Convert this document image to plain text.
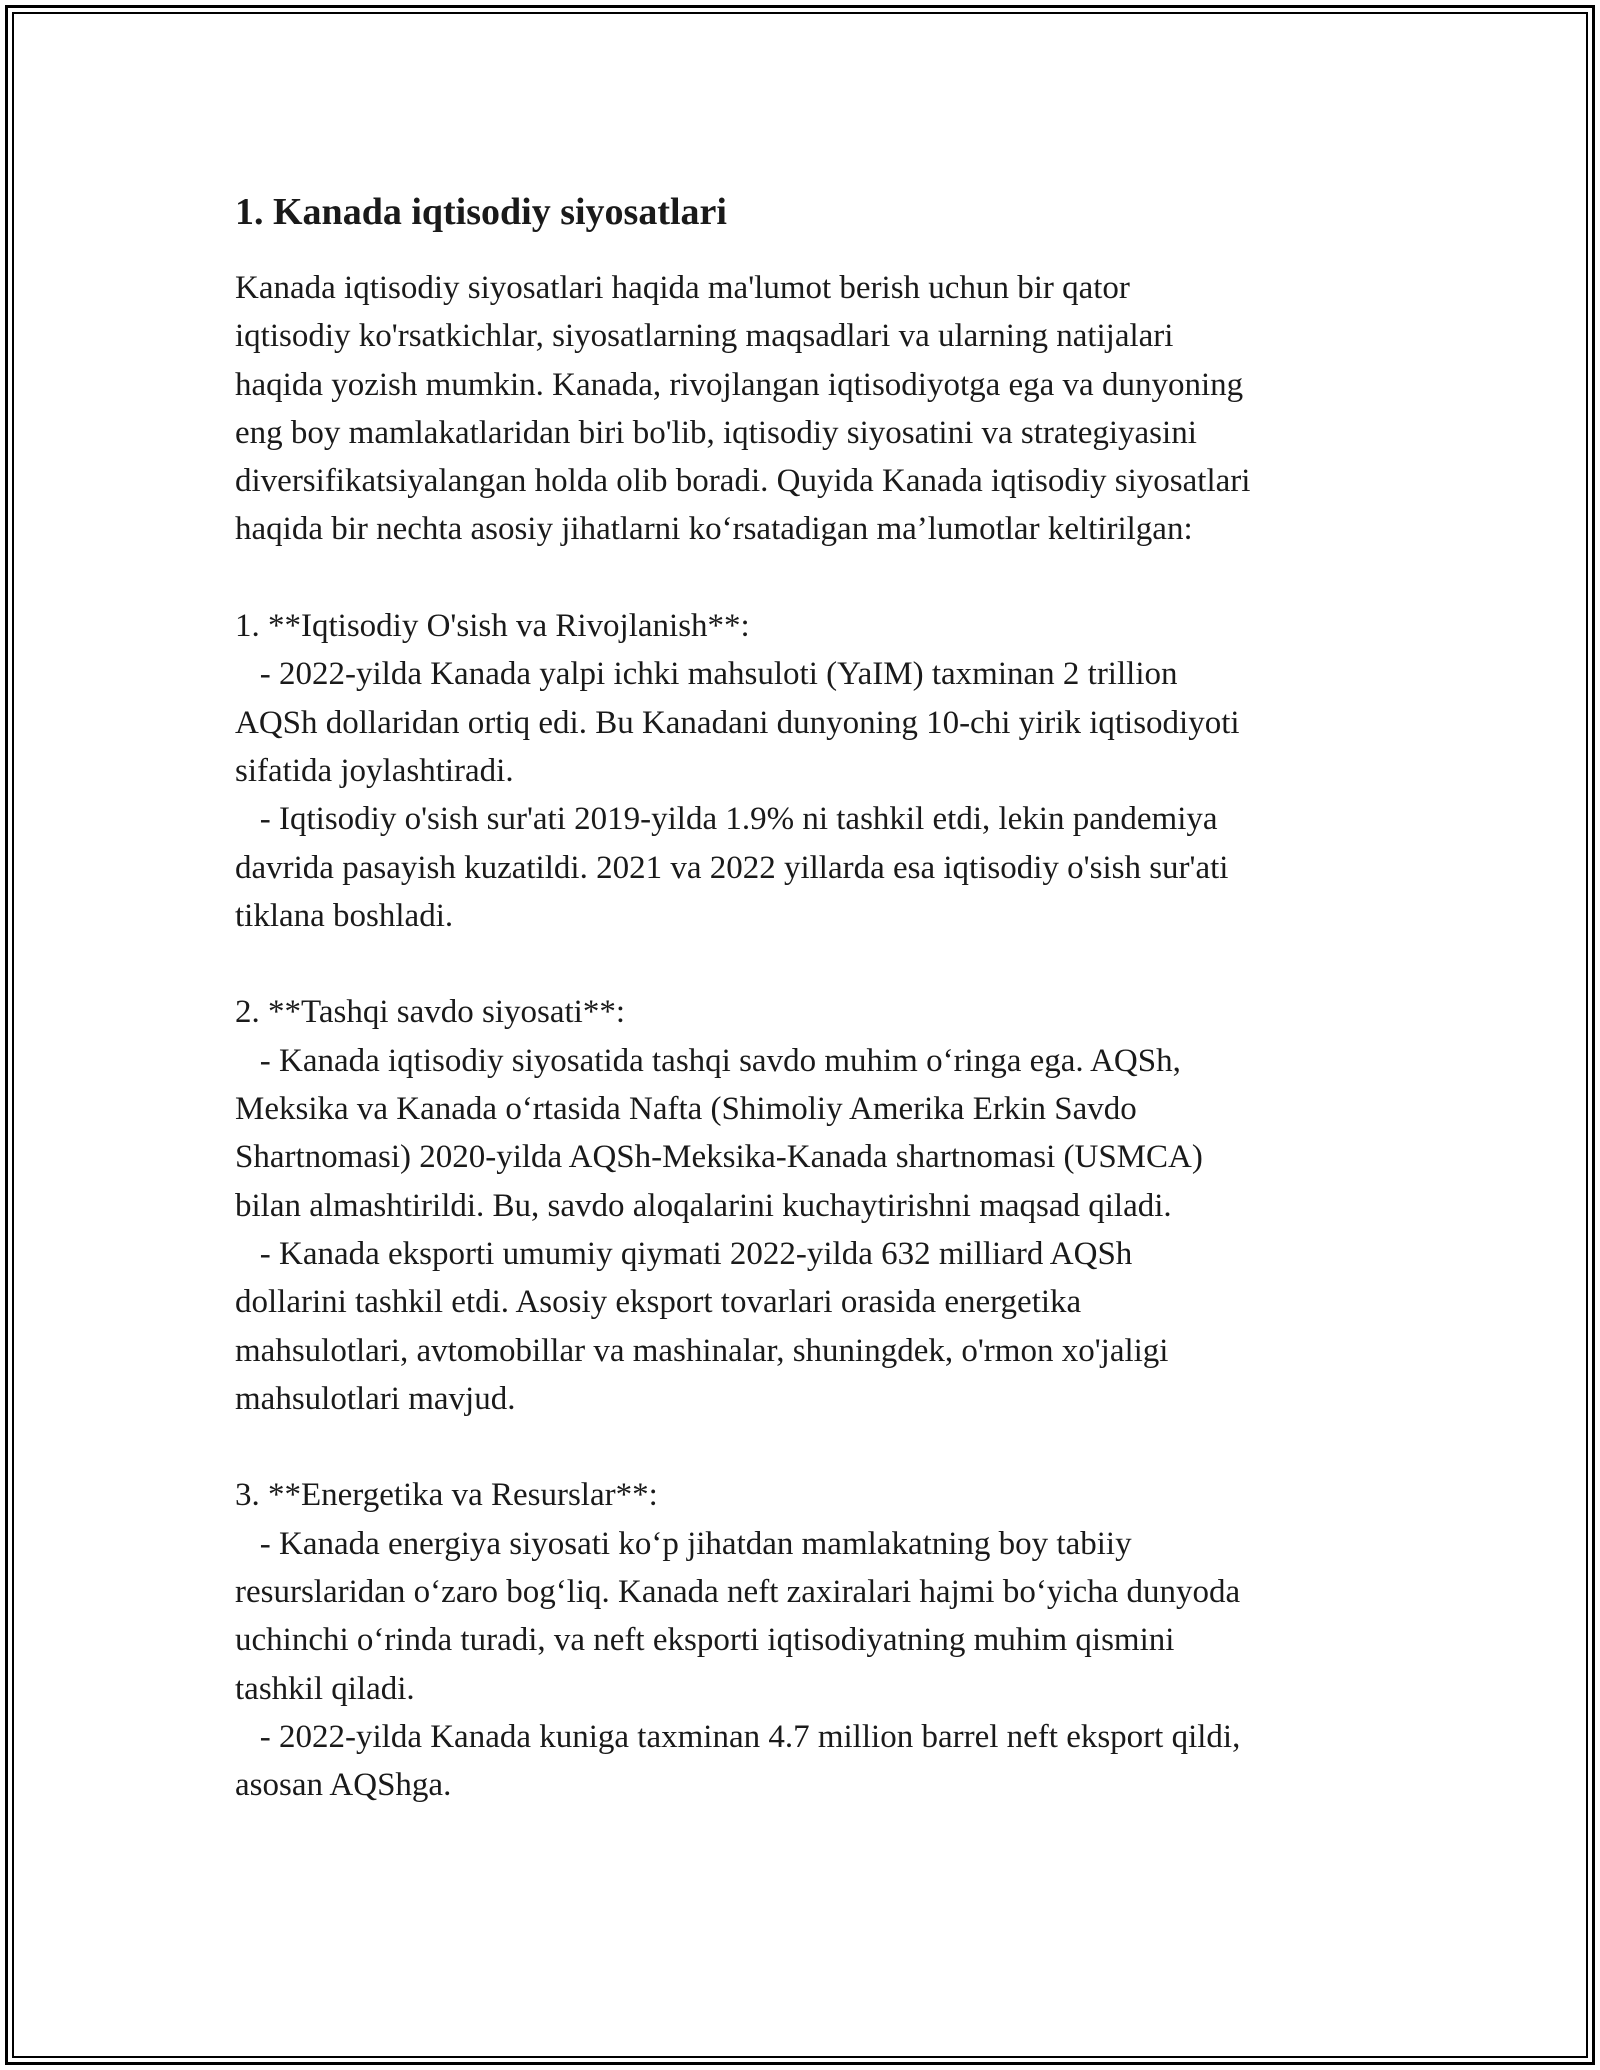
1. Kanada iqtisodiy siyosatlari

Kanada iqtisodiy siyosatlari haqida ma'lumot berish uchun bir qator
iqtisodiy ko'rsatkichlar, siyosatlarning maqsadlari va ularning natijalari
haqida yozish mumkin. Kanada, rivojlangan iqtisodiyotga ega va dunyoning
eng boy mamlakatlaridan biri bo'lib, iqtisodiy siyosatini va strategiyasini
diversifikatsiyalangan holda olib boradi. Quyida Kanada iqtisodiy siyosatlari
haqida bir nechta asosiy jihatlarni ko‘rsatadigan ma’lumotlar keltirilgan:

1. **Iqtisodiy O'sish va Rivojlanish**:

- 2022-yilda Kanada yalpi ichki mahsuloti (YaIM) taxminan 2 trillion
AQSh dollaridan ortiq edi. Bu Kanadani dunyoning 10-chi yirik iqtisodiyoti
sifatida joylashtiradi.

- Iqtisodiy o'sish sur'ati 2019-yilda 1.9% ni tashkil etdi, lekin pandemiya
davrida pasayish kuzatildi. 2021 va 2022 yillarda esa iqtisodiy o'sish sur'ati
tiklana boshladi.

2. **Tashqi savdo siyosati**:

- Kanada iqtisodiy siyosatida tashqi savdo muhim o‘ringa ega. AQSh,
Meksika va Kanada o‘rtasida Nafta (Shimoliy Amerika Erkin Savdo
Shartnomasi) 2020-yilda AQSh-Meksika-Kanada shartnomasi (USMCA)
bilan almashtirildi. Bu, savdo aloqalarini kuchaytirishni maqsad qiladi.

- Kanada eksporti umumiy qiymati 2022-yilda 632 milliard AQSh
dollarini tashkil etdi. Asosiy eksport tovarlari orasida energetika
mahsulotlari, avtomobillar va mashinalar, shuningdek, o'rmon xo'jaligi
mahsulotlari mavjud.

3. **Energetika va Resurslar**:

- Kanada energiya siyosati ko‘p jihatdan mamlakatning boy tabiiy
resurslaridan o‘zaro bog‘liq. Kanada neft zaxiralari hajmi bo‘yicha dunyoda
uchinchi o‘rinda turadi, va neft eksporti iqtisodiyatning muhim qismini
tashkil qiladi.

- 2022-yilda Kanada kuniga taxminan 4.7 million barrel neft eksport qildi,
asosan AQShga.
